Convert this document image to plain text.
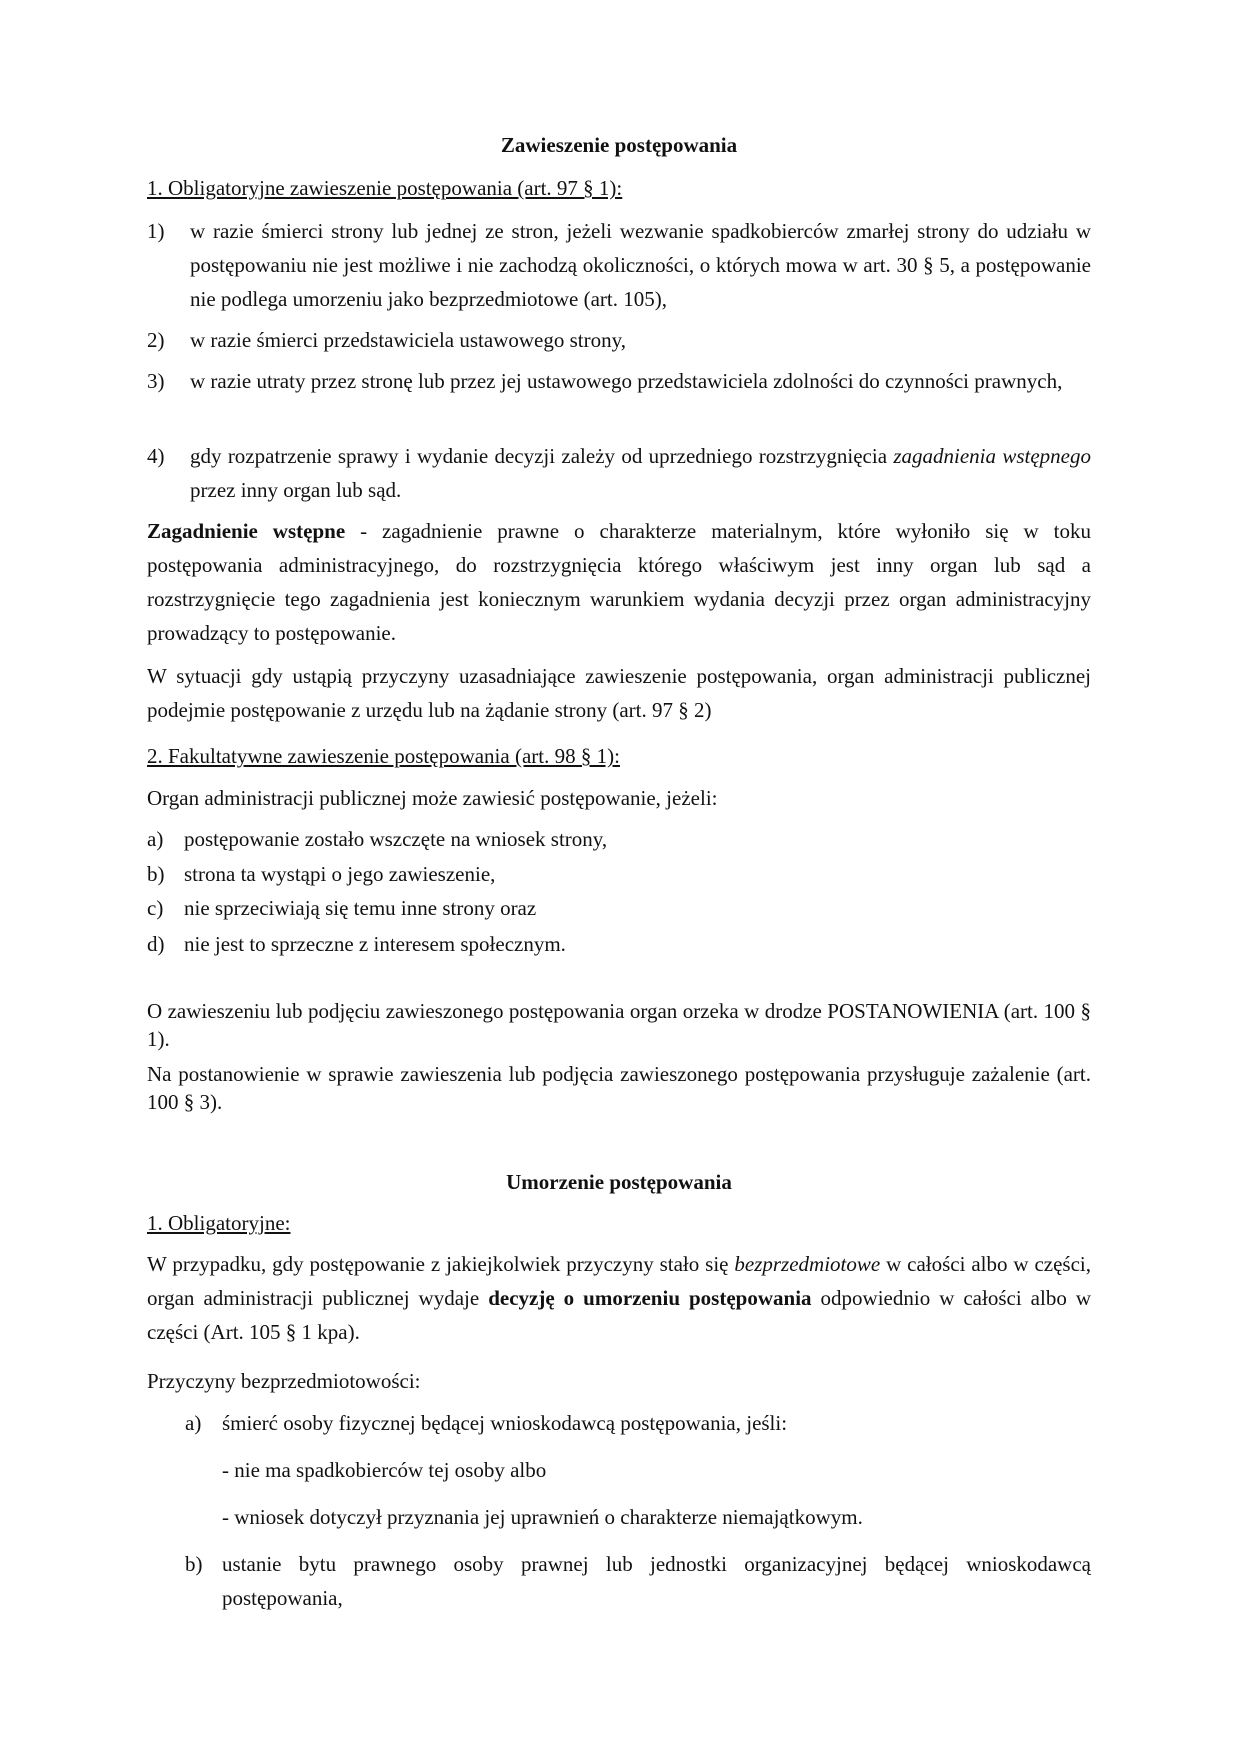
Zawieszenie postępowania
1. Obligatoryjne zawieszenie postępowania (art. 97 § 1):
1) w razie śmierci strony lub jednej ze stron, jeżeli wezwanie spadkobierców zmarłej strony do udziału w postępowaniu nie jest możliwe i nie zachodzą okoliczności, o których mowa w art. 30 § 5, a postępowanie nie podlega umorzeniu jako bezprzedmiotowe (art. 105),
2) w razie śmierci przedstawiciela ustawowego strony,
3) w razie utraty przez stronę lub przez jej ustawowego przedstawiciela zdolności do czynności prawnych,
4) gdy rozpatrzenie sprawy i wydanie decyzji zależy od uprzedniego rozstrzygnięcia zagadnienia wstępnego przez inny organ lub sąd.
Zagadnienie wstępne - zagadnienie prawne o charakterze materialnym, które wyłoniło się w toku postępowania administracyjnego, do rozstrzygnięcia którego właściwym jest inny organ lub sąd a rozstrzygnięcie tego zagadnienia jest koniecznym warunkiem wydania decyzji przez organ administracyjny prowadzący to postępowanie.
W sytuacji gdy ustąpią przyczyny uzasadniające zawieszenie postępowania, organ administracji publicznej podejmie postępowanie z urzędu lub na żądanie strony (art. 97 § 2)
2. Fakultatywne zawieszenie postępowania (art. 98 § 1):
Organ administracji publicznej może zawiesić postępowanie, jeżeli:
a) postępowanie zostało wszczęte na wniosek strony,
b) strona ta wystąpi o jego zawieszenie,
c) nie sprzeciwiają się temu inne strony oraz
d) nie jest to sprzeczne z interesem społecznym.
O zawieszeniu lub podjęciu zawieszonego postępowania organ orzeka w drodze POSTANOWIENIA (art. 100 § 1).
Na postanowienie w sprawie zawieszenia lub podjęcia zawieszonego postępowania przysługuje zażalenie (art. 100 § 3).
Umorzenie postępowania
1. Obligatoryjne:
W przypadku, gdy postępowanie z jakiejkolwiek przyczyny stało się bezprzedmiotowe w całości albo w części, organ administracji publicznej wydaje decyzję o umorzeniu postępowania odpowiednio w całości albo w części (Art. 105 § 1 kpa).
Przyczyny bezprzedmiotowości:
a) śmierć osoby fizycznej będącej wnioskodawcą postępowania, jeśli:
- nie ma spadkobierców tej osoby albo
- wniosek dotyczył przyznania jej uprawnień o charakterze niemajątkowym.
b) ustanie bytu prawnego osoby prawnej lub jednostki organizacyjnej będącej wnioskodawcą postępowania,
